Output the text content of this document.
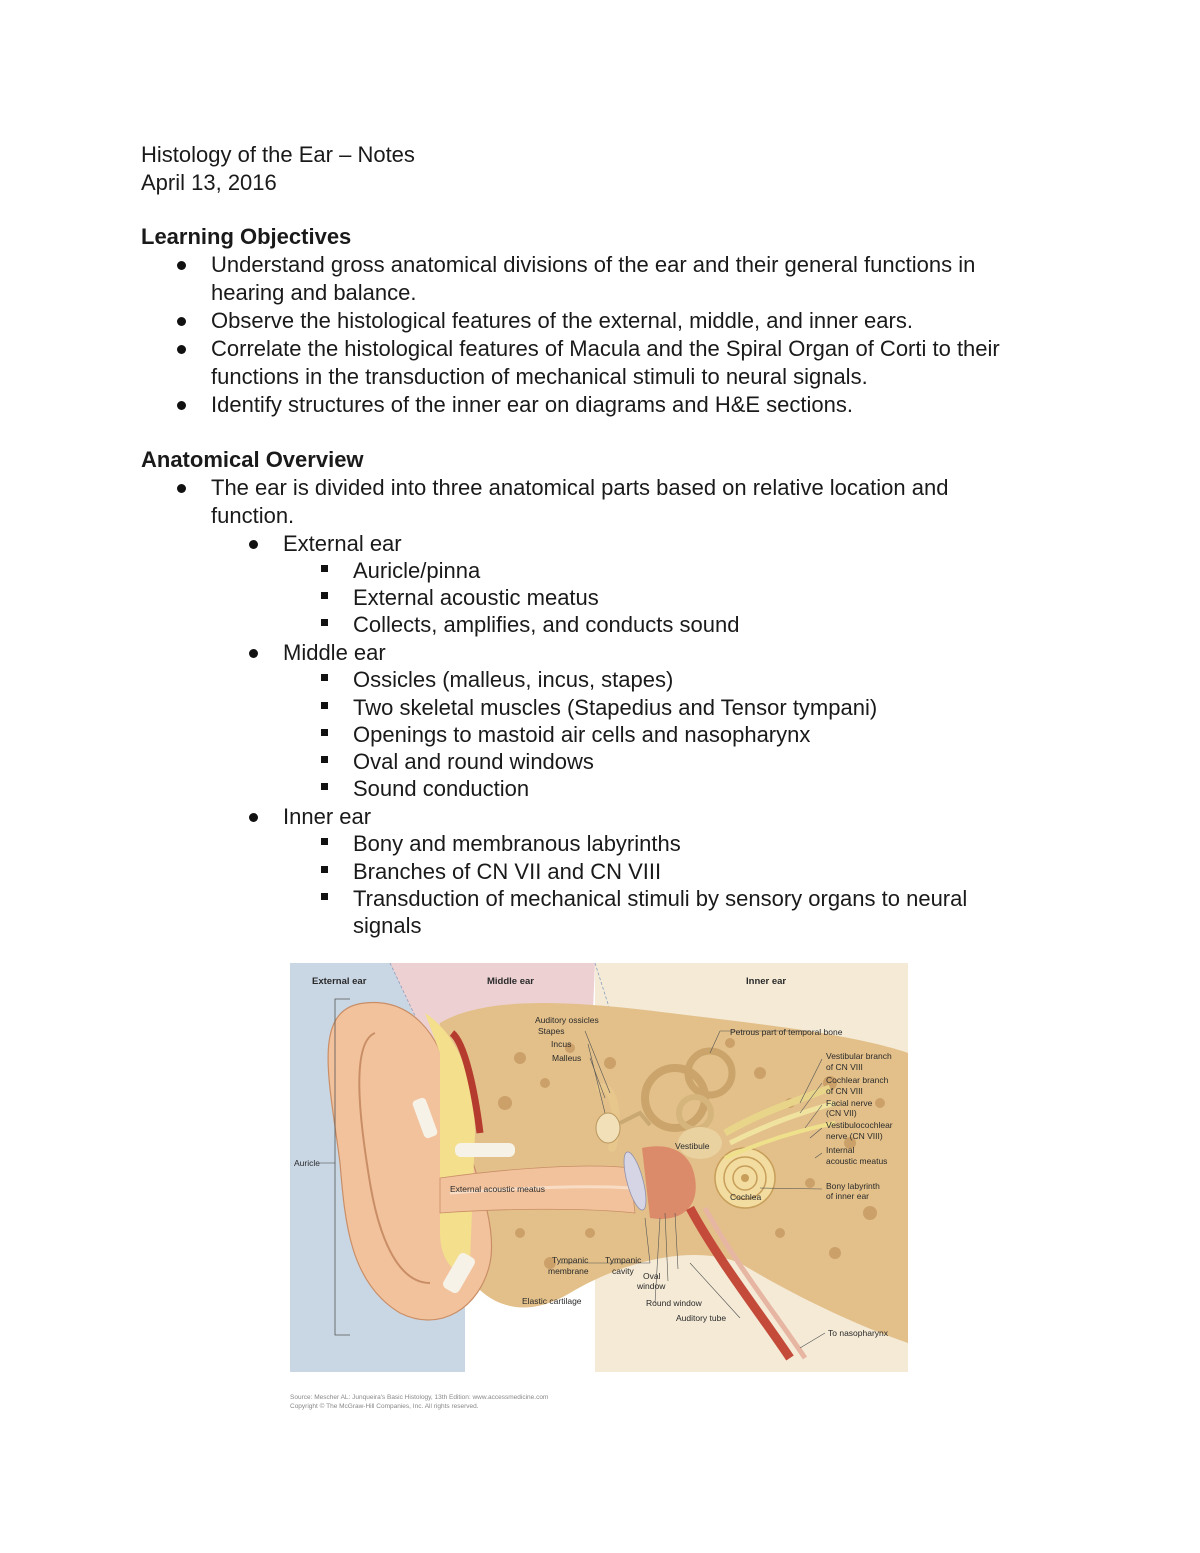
Histology of the Ear – Notes
April 13, 2016
Learning Objectives
Understand gross anatomical divisions of the ear and their general functions in
hearing and balance.
Observe the histological features of the external, middle, and inner ears.
Correlate the histological features of Macula and the Spiral Organ of Corti to their
functions in the transduction of mechanical stimuli to neural signals.
Identify structures of the inner ear on diagrams and H&E sections.
Anatomical Overview
The ear is divided into three anatomical parts based on relative location and
function.
External ear
Auricle/pinna
External acoustic meatus
Collects, amplifies, and conducts sound
Middle ear
Ossicles (malleus, incus, stapes)
Two skeletal muscles (Stapedius and Tensor tympani)
Openings to mastoid air cells and nasopharynx
Oval and round windows
Sound conduction
Inner ear
Bony and membranous labyrinths
Branches of CN VII and CN VIII
Transduction of mechanical stimuli by sensory organs to neural
signals
External ear	Middle ear	Inner ear
Auditory ossicles
Stapes
Incus
Malleus
Petrous part of temporal bone
Vestibular branch
of CN VIII
Cochlear branch
of CN VIII
Facial nerve
(CN VII)
Vestibulocochlear
nerve (CN VIII)
Internal
acoustic meatus
Bony labyrinth
of inner ear
Auricle
Vestibule
External acoustic meatus
Cochlea
Tympanic
membrane
Tympanic
cavity Oval
window
Elastic cartilage	Round window
Auditory tube
To nasopharynx
Source: Mescher AL: Junqueira's Basic Histology, 13th Edition: www.accessmedicine.com
Copyright © The McGraw-Hill Companies, Inc. All rights reserved.
